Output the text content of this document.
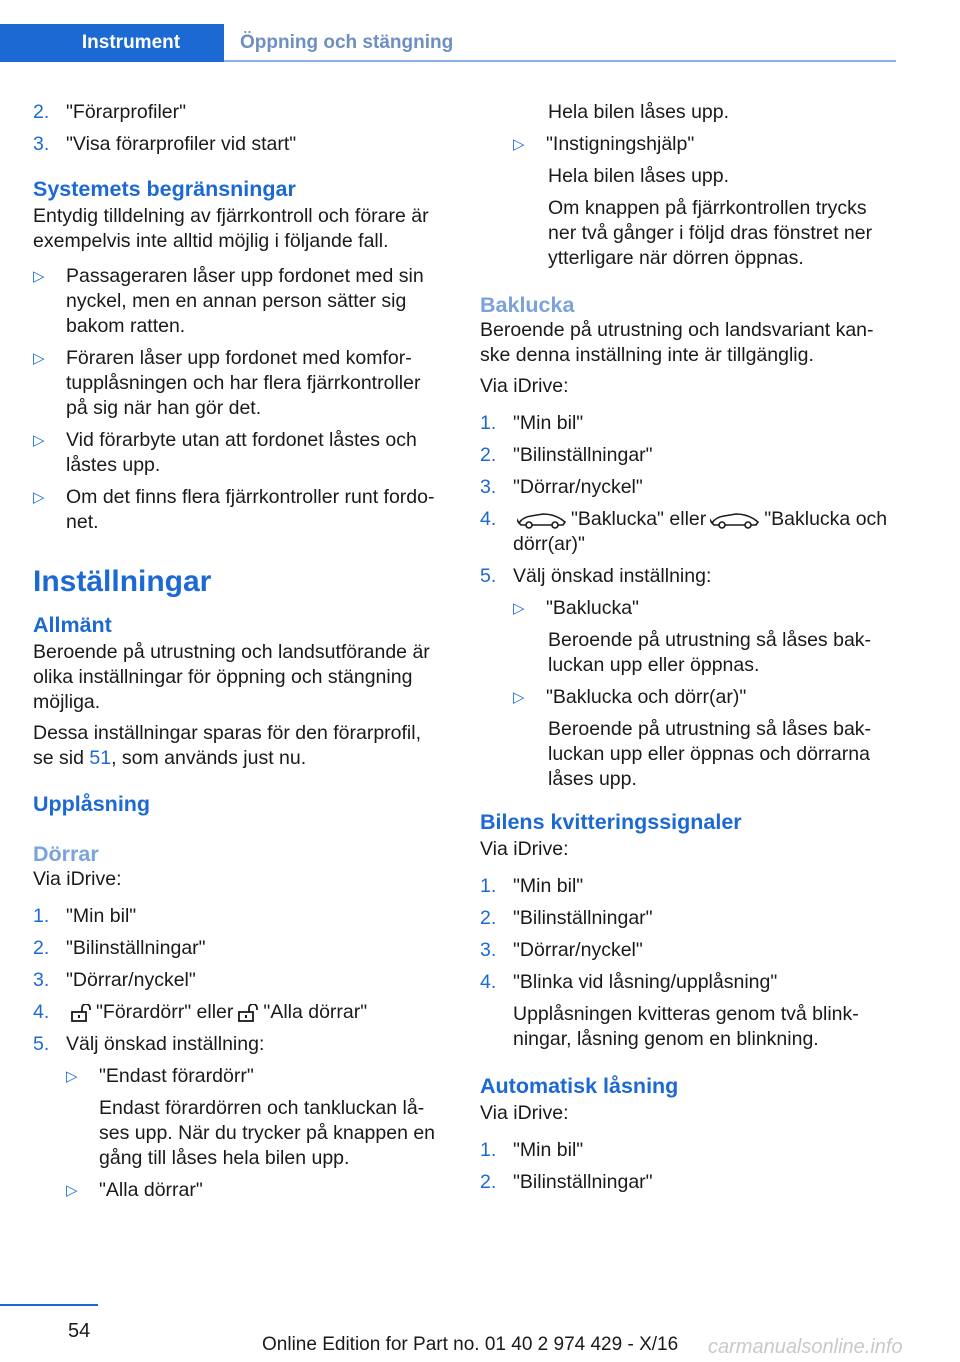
Instrument	Öppning och stängning
2. "Förarprofiler"
3. "Visa förarprofiler vid start"
Systemets begränsningar
Entydig tilldelning av fjärrkontroll och förare är exempelvis inte alltid möjlig i följande fall.
▷	Passageraren låser upp fordonet med sin nyckel, men en annan person sätter sig bakom ratten.
▷	Föraren låser upp fordonet med komfortupplåsningen och har flera fjärrkontroller på sig när han gör det.
▷	Vid förarbyte utan att fordonet låstes och låstes upp.
▷	Om det finns flera fjärrkontroller runt fordonet.
Inställningar
Allmänt
Beroende på utrustning och landsutförande är olika inställningar för öppning och stängning möjliga.
Dessa inställningar sparas för den förarprofil, se sid 51, som används just nu.
Upplåsning
Dörrar
Via iDrive:
1. "Min bil"
2. "Bilinställningar"
3. "Dörrar/nyckel"
4.	"Förardörr" eller "Alla dörrar"
5. Välj önskad inställning:
▷	"Endast förardörr"
Endast förardörren och tankluckan låses upp. När du trycker på knappen en gång till låses hela bilen upp.
▷	"Alla dörrar"
Hela bilen låses upp.
▷	"Instigningshjälp"
Hela bilen låses upp.
Om knappen på fjärrkontrollen trycks ner två gånger i följd dras fönstret ner ytterligare när dörren öppnas.
Baklucka
Beroende på utrustning och landsvariant kanske denna inställning inte är tillgänglig.
Via iDrive:
1. "Min bil"
2. "Bilinställningar"
3. "Dörrar/nyckel"
4.	"Baklucka" eller	"Baklucka och dörr(ar)"
5. Välj önskad inställning:
▷	"Baklucka"
Beroende på utrustning så låses bakluckan upp eller öppnas.
▷	"Baklucka och dörr(ar)"
Beroende på utrustning så låses bakluckan upp eller öppnas och dörrarna låses upp.
Bilens kvitteringssignaler
Via iDrive:
1. "Min bil"
2. "Bilinställningar"
3. "Dörrar/nyckel"
4. "Blinka vid låsning/upplåsning"
Upplåsningen kvitteras genom två blinkningar, låsning genom en blinkning.
Automatisk låsning
Via iDrive:
1. "Min bil"
2. "Bilinställningar"
54
Online Edition for Part no. 01 40 2 974 429 - X/16 carmanualsonline.info
